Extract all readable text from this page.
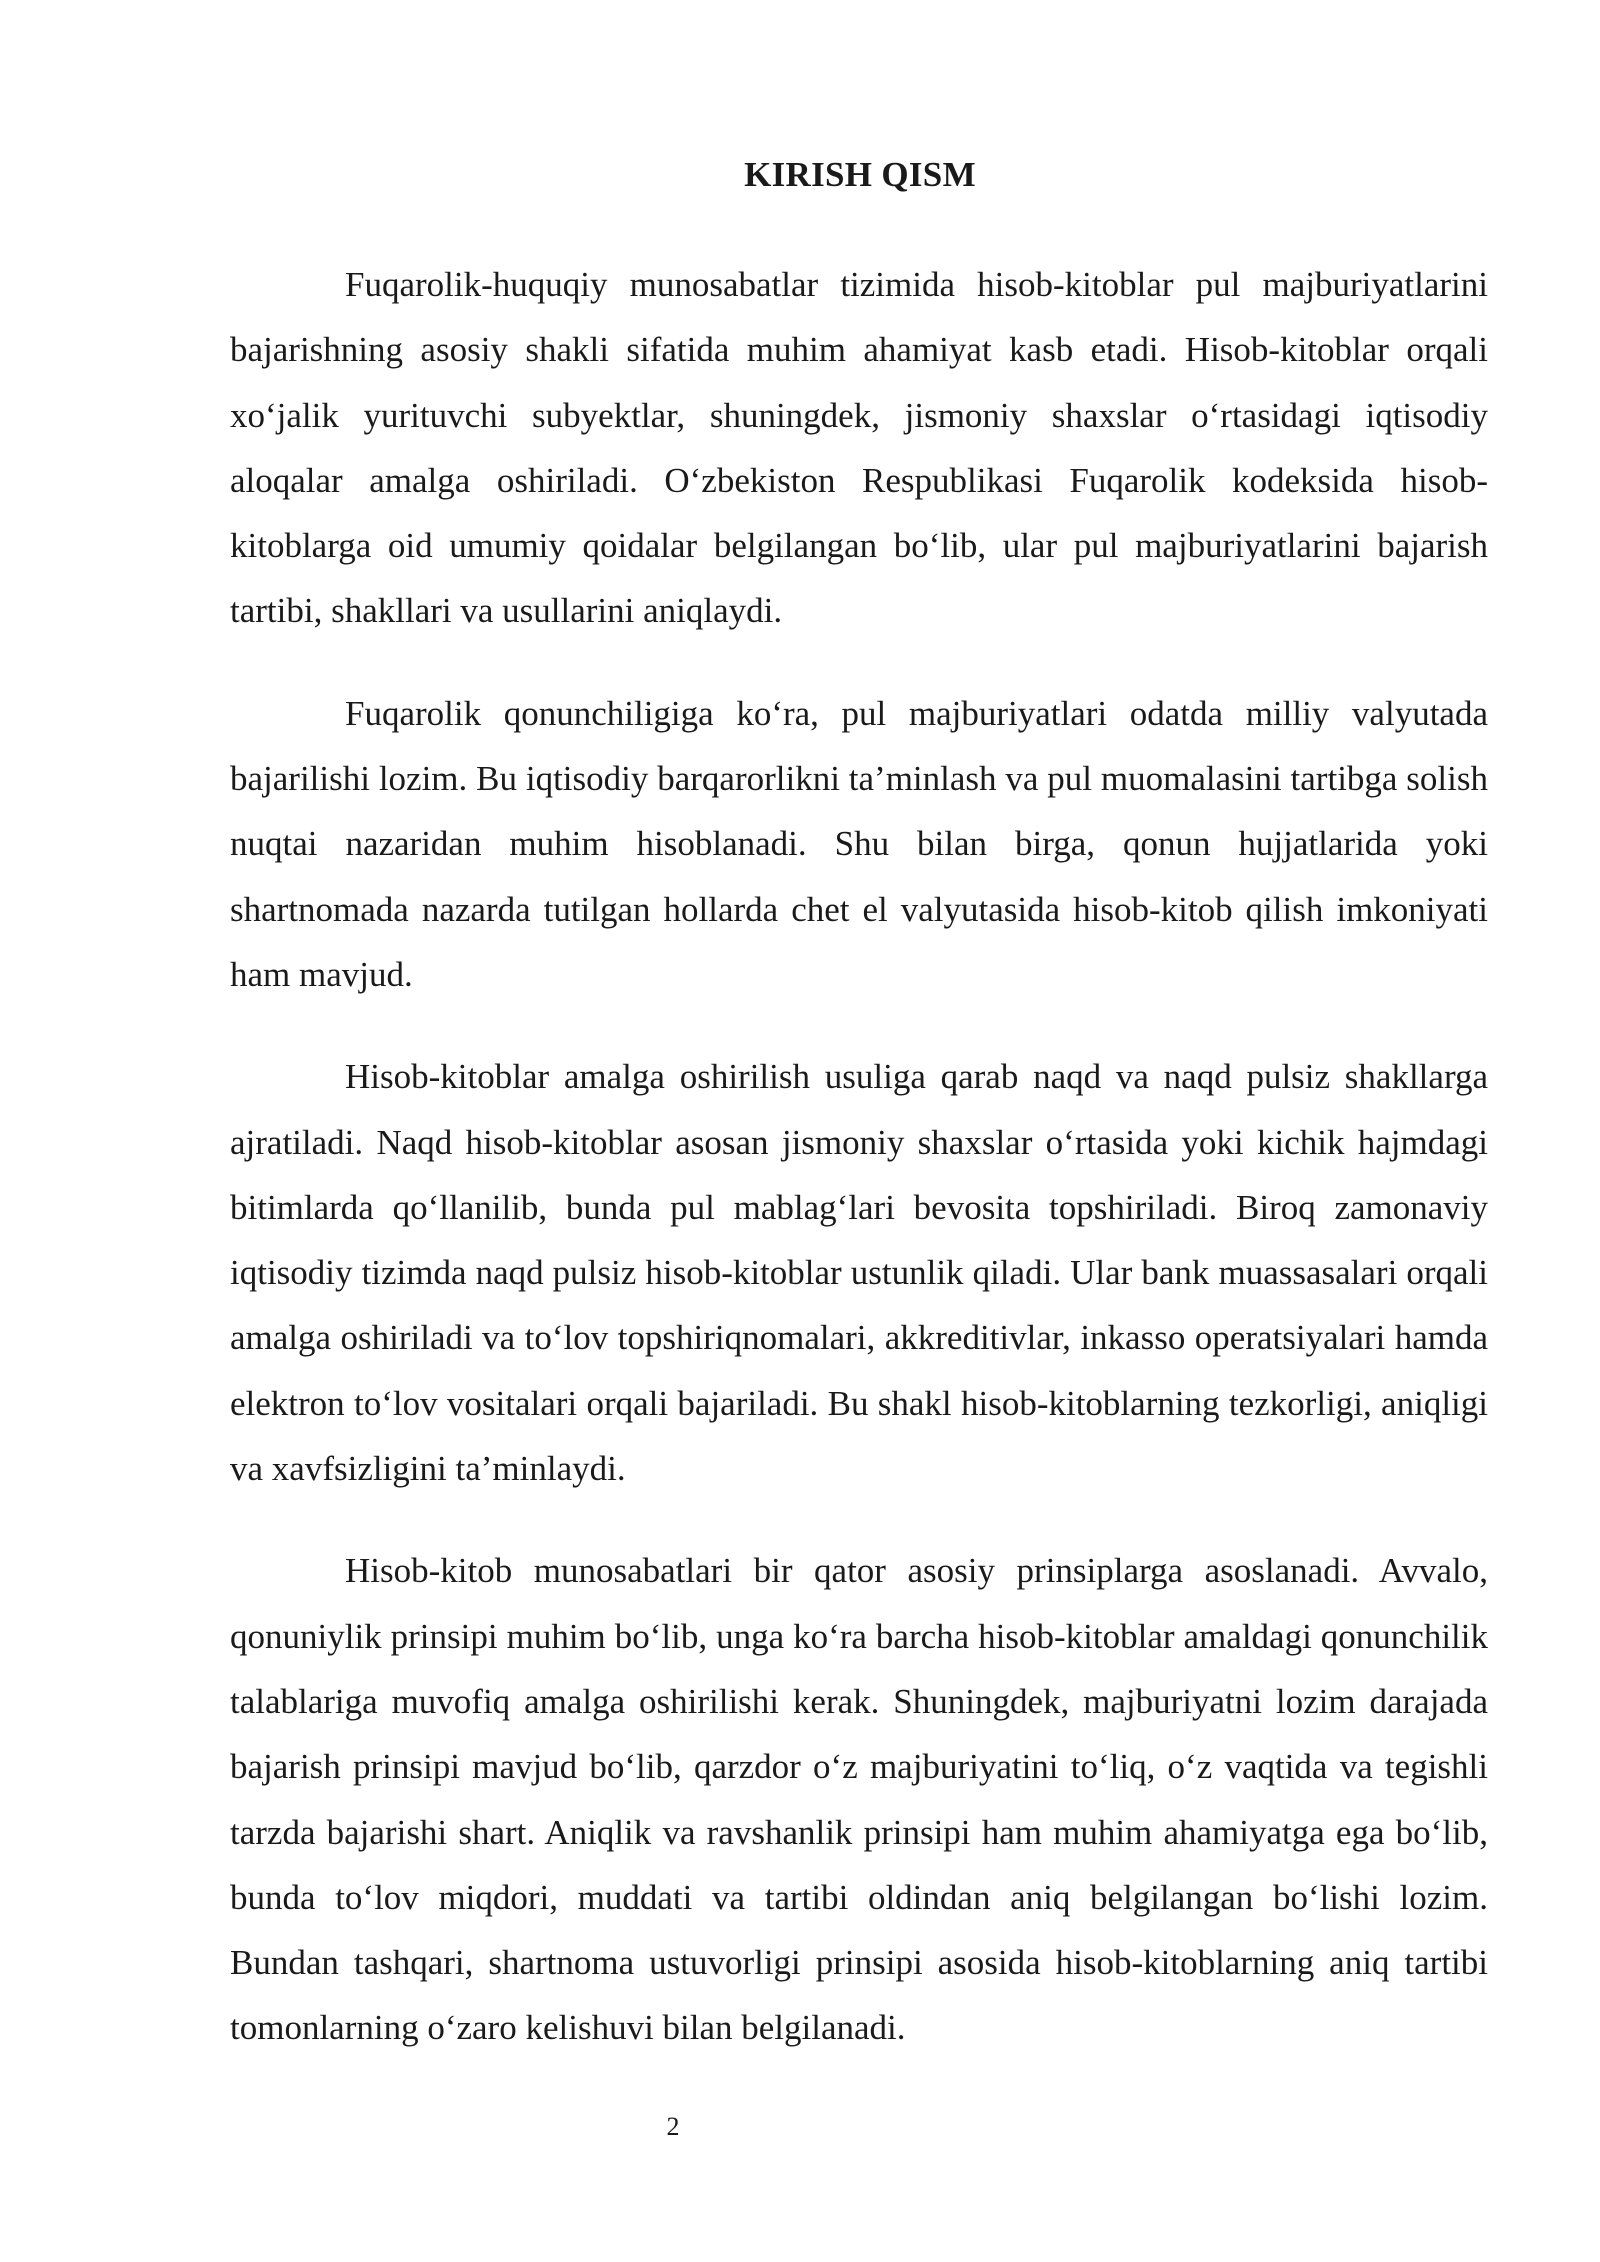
KIRISH QISM

Fuqarolik-huquqiy munosabatlar tizimida hisob-kitoblar pul majburiyatlarini bajarishning asosiy shakli sifatida muhim ahamiyat kasb etadi. Hisob-kitoblar orqali xo‘jalik yurituvchi subyektlar, shuningdek, jismoniy shaxslar o‘rtasidagi iqtisodiy aloqalar amalga oshiriladi. O‘zbekiston Respublikasi Fuqarolik kodeksida hisob-kitoblarga oid umumiy qoidalar belgilangan bo‘lib, ular pul majburiyatlarini bajarish tartibi, shakllari va usullarini aniqlaydi.

Fuqarolik qonunchiligiga ko‘ra, pul majburiyatlari odatda milliy valyutada bajarilishi lozim. Bu iqtisodiy barqarorlikni ta’minlash va pul muomalasini tartibga solish nuqtai nazaridan muhim hisoblanadi. Shu bilan birga, qonun hujjatlarida yoki shartnomada nazarda tutilgan hollarda chet el valyutasida hisob-kitob qilish imkoniyati ham mavjud.

Hisob-kitoblar amalga oshirilish usuliga qarab naqd va naqd pulsiz shakllarga ajratiladi. Naqd hisob-kitoblar asosan jismoniy shaxslar o‘rtasida yoki kichik hajmdagi bitimlarda qo‘llanilib, bunda pul mablag‘lari bevosita topshiriladi. Biroq zamonaviy iqtisodiy tizimda naqd pulsiz hisob-kitoblar ustunlik qiladi. Ular bank muassasalari orqali amalga oshiriladi va to‘lov topshiriqnomalari, akkreditivlar, inkasso operatsiyalari hamda elektron to‘lov vositalari orqali bajariladi. Bu shakl hisob-kitoblarning tezkorligi, aniqligi va xavfsizligini ta’minlaydi.

Hisob-kitob munosabatlari bir qator asosiy prinsiplarga asoslanadi. Avvalo, qonuniylik prinsipi muhim bo‘lib, unga ko‘ra barcha hisob-kitoblar amaldagi qonunchilik talablariga muvofiq amalga oshirilishi kerak. Shuningdek, majburiyatni lozim darajada bajarish prinsipi mavjud bo‘lib, qarzdor o‘z majburiyatini to‘liq, o‘z vaqtida va tegishli tarzda bajarishi shart. Aniqlik va ravshanlik prinsipi ham muhim ahamiyatga ega bo‘lib, bunda to‘lov miqdori, muddati va tartibi oldindan aniq belgilangan bo‘lishi lozim. Bundan tashqari, shartnoma ustuvorligi prinsipi asosida hisob-kitoblarning aniq tartibi tomonlarning o‘zaro kelishuvi bilan belgilanadi.

2
